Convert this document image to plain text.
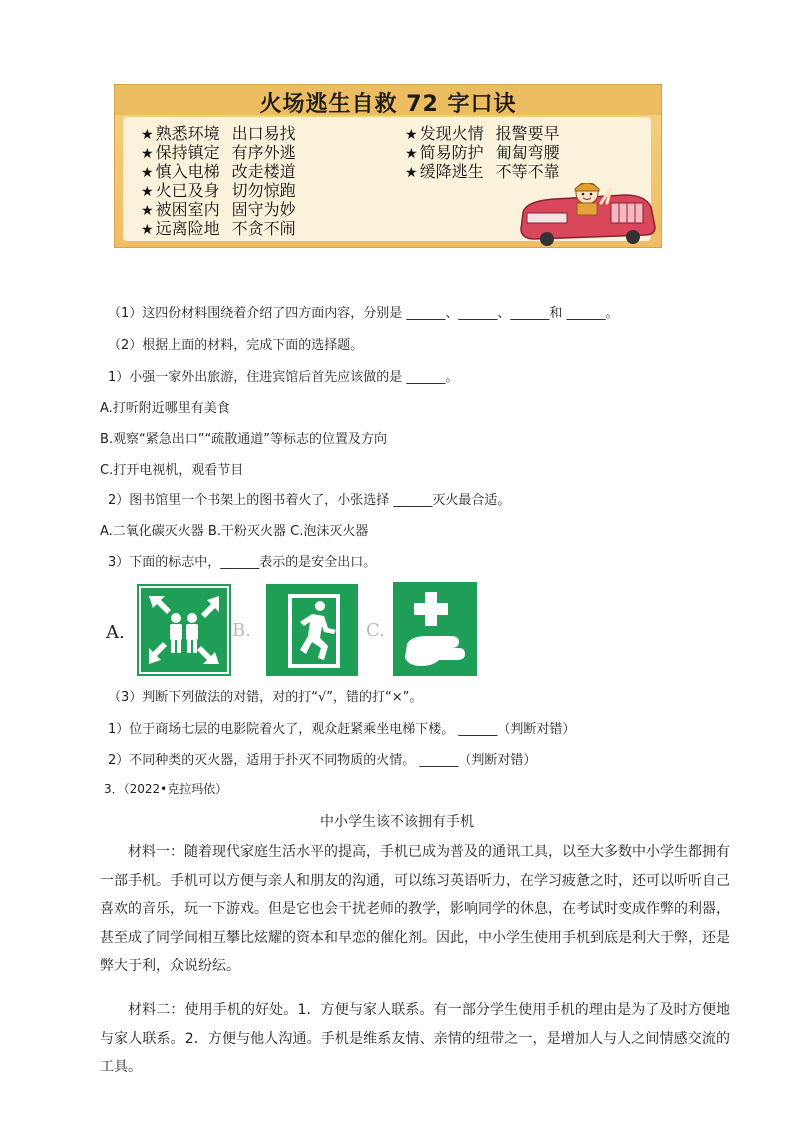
火场逃生自救 72 字口诀
★ 熟悉环境 出口易找
★ 保持镇定 有序外逃
★ 慎入电梯 改走楼道
★ 火已及身 切勿惊跑
★ 被困室内 固守为妙
★ 远离险地 不贪不闹
★ 发现火情 报警要早
★ 简易防护 匍匐弯腰
★ 缓降逃生 不等不靠
（1）这四份材料围绕着介绍了四方面内容，分别是 ______、______、______和 ______。
（2）根据上面的材料，完成下面的选择题。
1）小强一家外出旅游，住进宾馆后首先应该做的是 ______。
A.打听附近哪里有美食
B.观察“紧急出口”“疏散通道”等标志的位置及方向
C.打开电视机，观看节目
2）图书馆里一个书架上的图书着火了，小张选择 ______灭火最合适。
A.二氧化碳灭火器 B.干粉灭火器 C.泡沫灭火器
3）下面的标志中，______表示的是安全出口。
A.	B.	C.
（3）判断下列做法的对错，对的打“√”，错的打“×”。
1）位于商场七层的电影院着火了，观众赶紧乘坐电梯下楼。 ______（判断对错）
2）不同种类的灭火器，适用于扑灭不同物质的火情。 ______（判断对错）
3．（2022•克拉玛依）
中小学生该不该拥有手机
材料一：随着现代家庭生活水平的提高，手机已成为普及的通讯工具，以至大多数中小学生都拥有一部手机。手机可以方便与亲人和朋友的沟通，可以练习英语听力，在学习疲惫之时，还可以听听自己喜欢的音乐，玩一下游戏。但是它也会干扰老师的教学，影响同学的休息，在考试时变成作弊的利器，甚至成了同学间相互攀比炫耀的资本和早恋的催化剂。因此，中小学生使用手机到底是利大于弊，还是弊大于利，众说纷纭。
材料二：使用手机的好处。1．方便与家人联系。有一部分学生使用手机的理由是为了及时方便地与家人联系。2．方便与他人沟通。手机是维系友情、亲情的纽带之一，是增加人与人之间情感交流的工具。
